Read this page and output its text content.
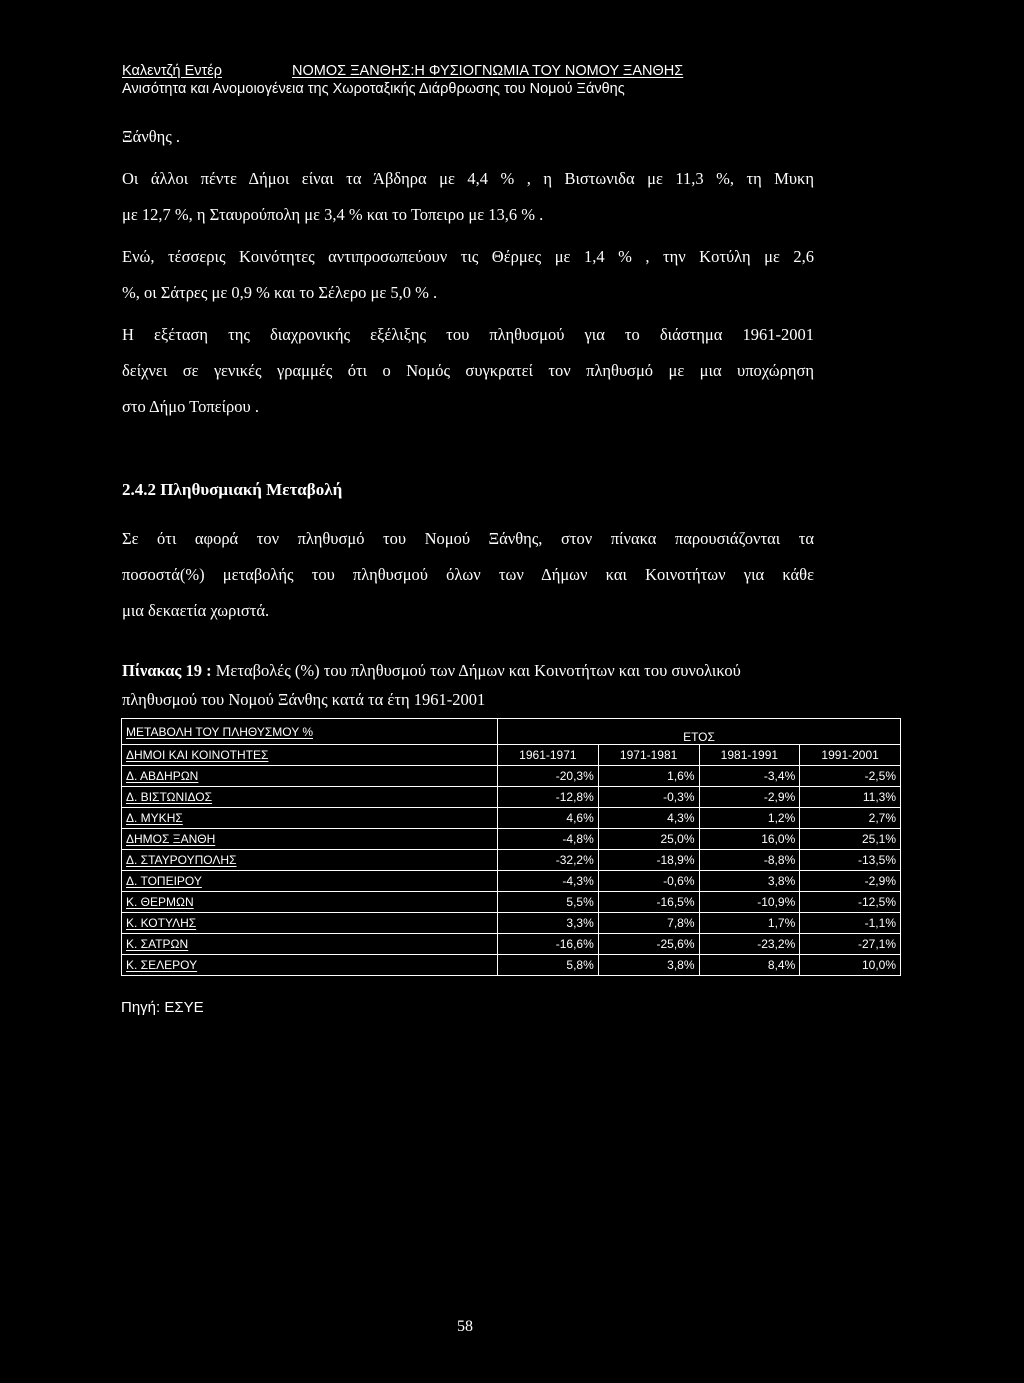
Καλεντζή Εντέρ	ΝΟΜΟΣ ΞΑΝΘΗΣ:Η ΦΥΣΙΟΓΝΩΜΙΑ ΤΟΥ ΝΟΜΟΥ ΞΑΝΘΗΣ
Ανισότητα και Ανομοιογένεια της Χωροταξικής Διάρθρωσης του Νομού Ξάνθης
Ξάνθης .
Οι άλλοι πέντε Δήμοι είναι τα Άβδηρα με 4,4 % , η Βιστωνιδα με 11,3 %, τη Μυκη
με 12,7 %, η Σταυρούπολη με 3,4 % και το Τοπειρο με 13,6 % .
Ενώ, τέσσερις Κοινότητες αντιπροσωπεύουν τις Θέρμες με 1,4 % , την Κοτύλη με 2,6
%, οι Σάτρες με 0,9 % και το Σέλερο με 5,0 % .
Η εξέταση της διαχρονικής εξέλιξης του πληθυσμού για το διάστημα 1961-2001
δείχνει σε γενικές γραμμές ότι ο Νομός συγκρατεί τον πληθυσμό με μια υποχώρηση
στο Δήμο Τοπείρου .
2.4.2 Πληθυσμιακή Μεταβολή
Σε ότι αφορά τον πληθυσμό του Νομού Ξάνθης, στον πίνακα παρουσιάζονται τα
ποσοστά(%) μεταβολής του πληθυσμού όλων των Δήμων και Κοινοτήτων για κάθε
μια δεκαετία χωριστά.
Πίνακας 19 : Μεταβολές (%) του πληθυσμού των Δήμων και Κοινοτήτων και του συνολικού
πληθυσμού του Νομού Ξάνθης κατά τα έτη 1961-2001
ΜΕΤΑΒΟΛΗ ΤΟΥ ΠΛΗΘΥΣΜΟΥ %	ΕΤΟΣ			
ΔΗΜΟΙ ΚΑΙ ΚΟΙΝΟΤΗΤΕΣ	1961-1971	1971-1981	1981-1991	1991-2001
Δ. ΑΒΔΗΡΩΝ	-20,3%	1,6%	-3,4%	-2,5%
Δ. ΒΙΣΤΩΝΙΔΟΣ	-12,8%	-0,3%	-2,9%	11,3%
Δ. ΜΥΚΗΣ	4,6%	4,3%	1,2%	2,7%
ΔΗΜΟΣ ΞΑΝΘΗ	-4,8%	25,0%	16,0%	25,1%
Δ. ΣΤΑΥΡΟΥΠΟΛΗΣ	-32,2%	-18,9%	-8,8%	-13,5%
Δ. ΤΟΠΕΙΡΟΥ	-4,3%	-0,6%	3,8%	-2,9%
Κ. ΘΕΡΜΩΝ	5,5%	-16,5%	-10,9%	-12,5%
Κ. ΚΟΤΥΛΗΣ	3,3%	7,8%	1,7%	-1,1%
Κ. ΣΑΤΡΩΝ	-16,6%	-25,6%	-23,2%	-27,1%
Κ. ΣΕΛΕΡΟΥ	5,8%	3,8%	8,4%	10,0%
Πηγή: ΕΣΥΕ
58
